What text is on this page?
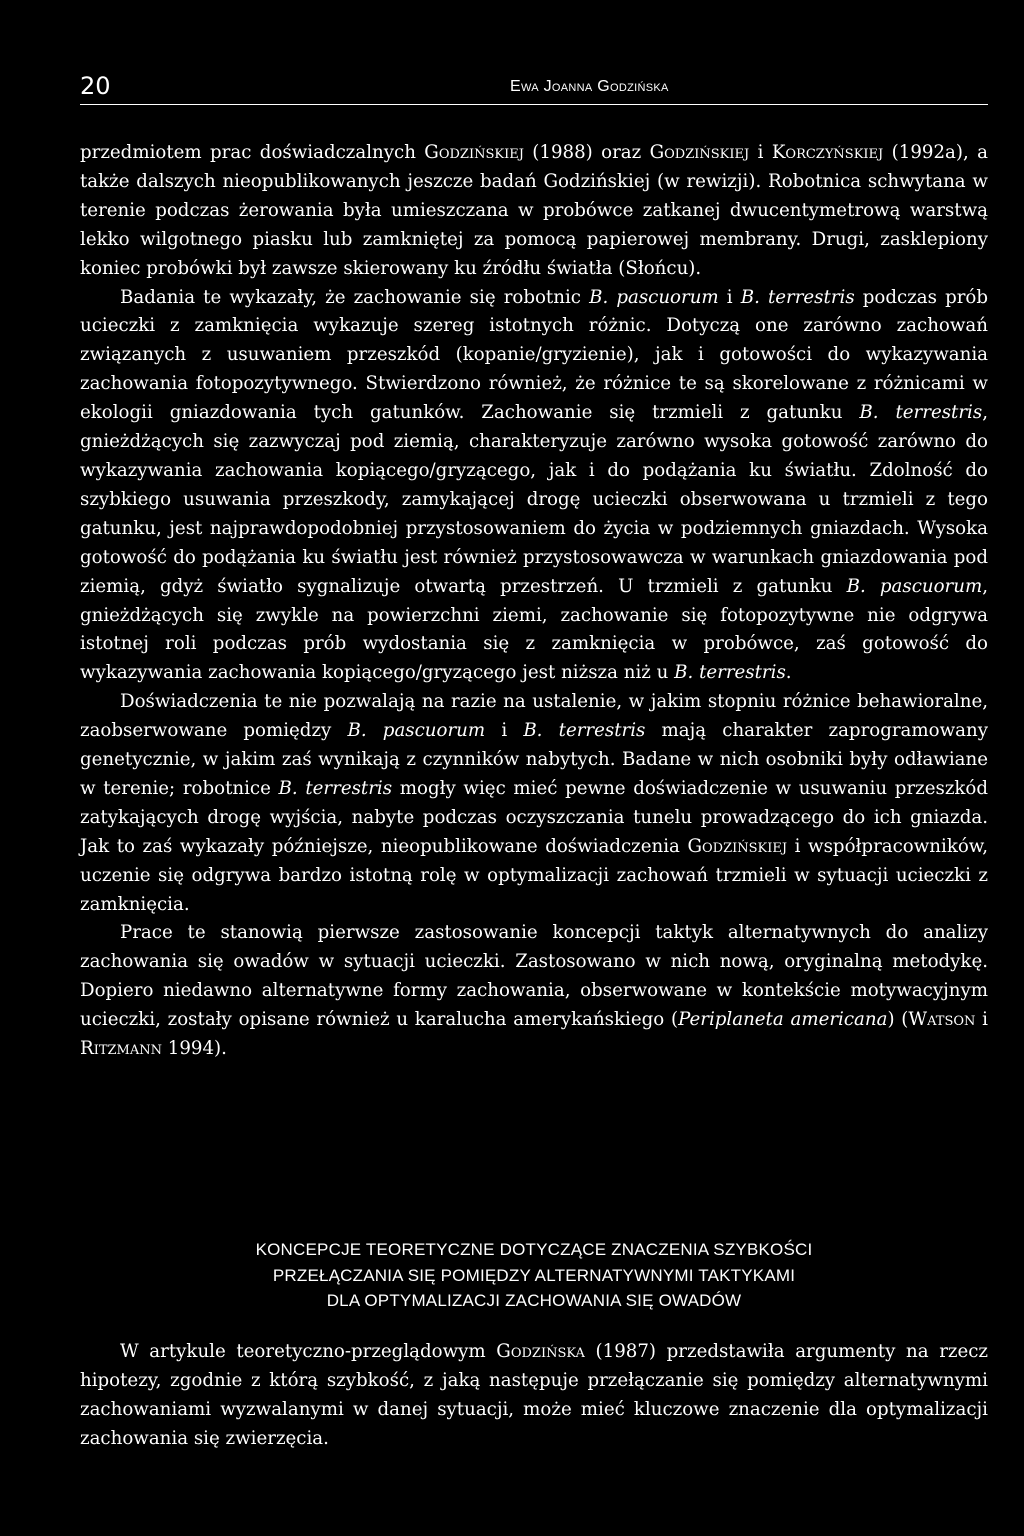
20	Ewa Joanna Godzińska

przedmiotem prac doświadczalnych Godzińskiej (1988) oraz Godzińskiej i Korczyńskiej (1992a), a także dalszych nieopublikowanych jeszcze badań Godzińskiej (w rewizji). Robotnica schwytana w terenie podczas żerowania była umieszczana w probówce zatkanej dwucentymetrową warstwą lekko wilgotnego piasku lub zamkniętej za pomocą papierowej membrany. Drugi, zasklepiony koniec probówki był zawsze skierowany ku źródłu światła (Słońcu).

Badania te wykazały, że zachowanie się robotnic B. pascuorum i B. terrestris podczas prób ucieczki z zamknięcia wykazuje szereg istotnych różnic. Dotyczą one zarówno zachowań związanych z usuwaniem przeszkód (kopanie/gryzienie), jak i gotowości do wykazywania zachowania fotopozytywnego. Stwierdzono również, że różnice te są skorelowane z różnicami w ekologii gniazdowania tych gatunków. Zachowanie się trzmieli z gatunku B. terrestris, gnieżdżących się zazwyczaj pod ziemią, charakteryzuje zarówno wysoka gotowość zarówno do wykazywania zachowania kopiącego/gryzącego, jak i do podążania ku światłu. Zdolność do szybkiego usuwania przeszkody, zamykającej drogę ucieczki obserwowana u trzmieli z tego gatunku, jest najprawdopodobniej przystosowaniem do życia w podziemnych gniazdach. Wysoka gotowość do podążania ku światłu jest również przystosowawcza w warunkach gniazdowania pod ziemią, gdyż światło sygnalizuje otwartą przestrzeń. U trzmieli z gatunku B. pascuorum, gnieżdżących się zwykle na powierzchni ziemi, zachowanie się fotopozytywne nie odgrywa istotnej roli podczas prób wydostania się z zamknięcia w probówce, zaś gotowość do wykazywania zachowania kopiącego/gryzącego jest niższa niż u B. terrestris.

Doświadczenia te nie pozwalają na razie na ustalenie, w jakim stopniu różnice behawioralne, zaobserwowane pomiędzy B. pascuorum i B. terrestris mają charakter zaprogramowany genetycznie, w jakim zaś wynikają z czynników nabytych. Badane w nich osobniki były odławiane w terenie; robotnice B. terrestris mogły więc mieć pewne doświadczenie w usuwaniu przeszkód zatykających drogę wyjścia, nabyte podczas oczyszczania tunelu prowadzącego do ich gniazda. Jak to zaś wykazały późniejsze, nieopublikowane doświadczenia Godzińskiej i współpracowników, uczenie się odgrywa bardzo istotną rolę w optymalizacji zachowań trzmieli w sytuacji ucieczki z zamknięcia.

Prace te stanowią pierwsze zastosowanie koncepcji taktyk alternatywnych do analizy zachowania się owadów w sytuacji ucieczki. Zastosowano w nich nową, oryginalną metodykę. Dopiero niedawno alternatywne formy zachowania, obserwowane w kontekście motywacyjnym ucieczki, zostały opisane również u karalucha amerykańskiego (Periplaneta americana) (Watson i Ritzmann 1994).

KONCEPCJE TEORETYCZNE DOTYCZĄCE ZNACZENIA SZYBKOŚCI
PRZEŁĄCZANIA SIĘ POMIĘDZY ALTERNATYWNYMI TAKTYKAMI
DLA OPTYMALIZACJI ZACHOWANIA SIĘ OWADÓW

W artykule teoretyczno-przeglądowym Godzińska (1987) przedstawiła argumenty na rzecz hipotezy, zgodnie z którą szybkość, z jaką następuje przełączanie się pomiędzy alternatywnymi zachowaniami wyzwalanymi w danej sytuacji, może mieć kluczowe znaczenie dla optymalizacji zachowania się zwierzęcia.
